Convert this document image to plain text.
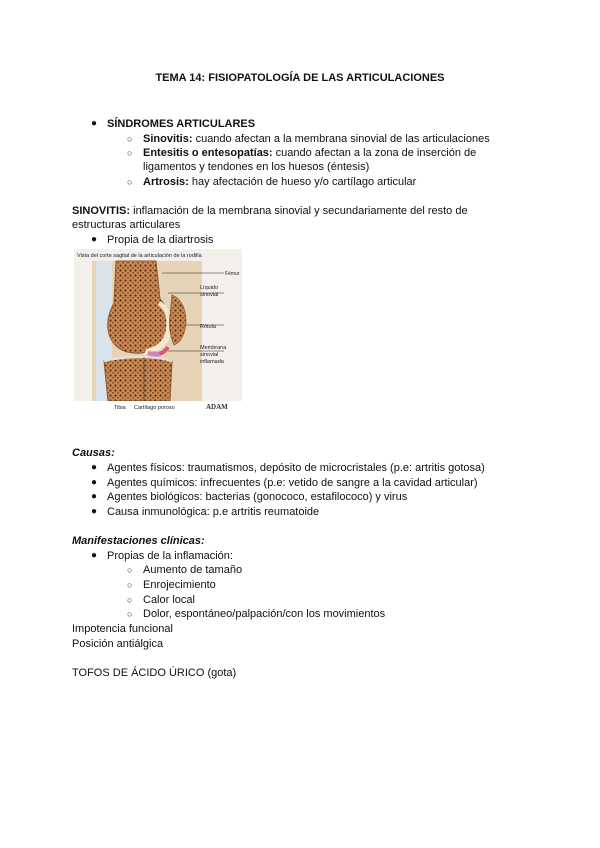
TEMA 14: FISIOPATOLOGÍA DE LAS ARTICULACIONES
● SÍNDROMES ARTICULARES
○ Sinovitis: cuando afectan a la membrana sinovial de las articulaciones
○ Entesitis o entesopatías: cuando afectan a la zona de inserción de
ligamentos y tendones en los huesos (éntesis)
○ Artrosis: hay afectación de hueso y/o cartílago articular
SINOVITIS: inflamación de la membrana sinovial y secundariamente del resto de
estructuras articulares
● Propia de la diartrosis
Vista del corte sagital de la articulación de la rodilla
Fémur
Líquido
sinovial
Rótula
Membrana
sinovial
inflamada
Tibia Cartílago poroso	ADAM
Causas:
● Agentes físicos: traumatismos, depósito de microcristales (p.e: artritis gotosa)
● Agentes químicos: infrecuentes (p.e: vetido de sangre a la cavidad articular)
● Agentes biológicos: bacterias (gonococo, estafilococo) y virus
● Causa inmunológica: p.e artritis reumatoide
Manifestaciones clínicas:
● Propias de la inflamación:
○ Aumento de tamaño
○ Enrojecimiento
○ Calor local
○ Dolor, espontáneo/palpación/con los movimientos
Impotencia funcional
Posición antiálgica
TOFOS DE ÁCIDO ÚRICO (gota)
